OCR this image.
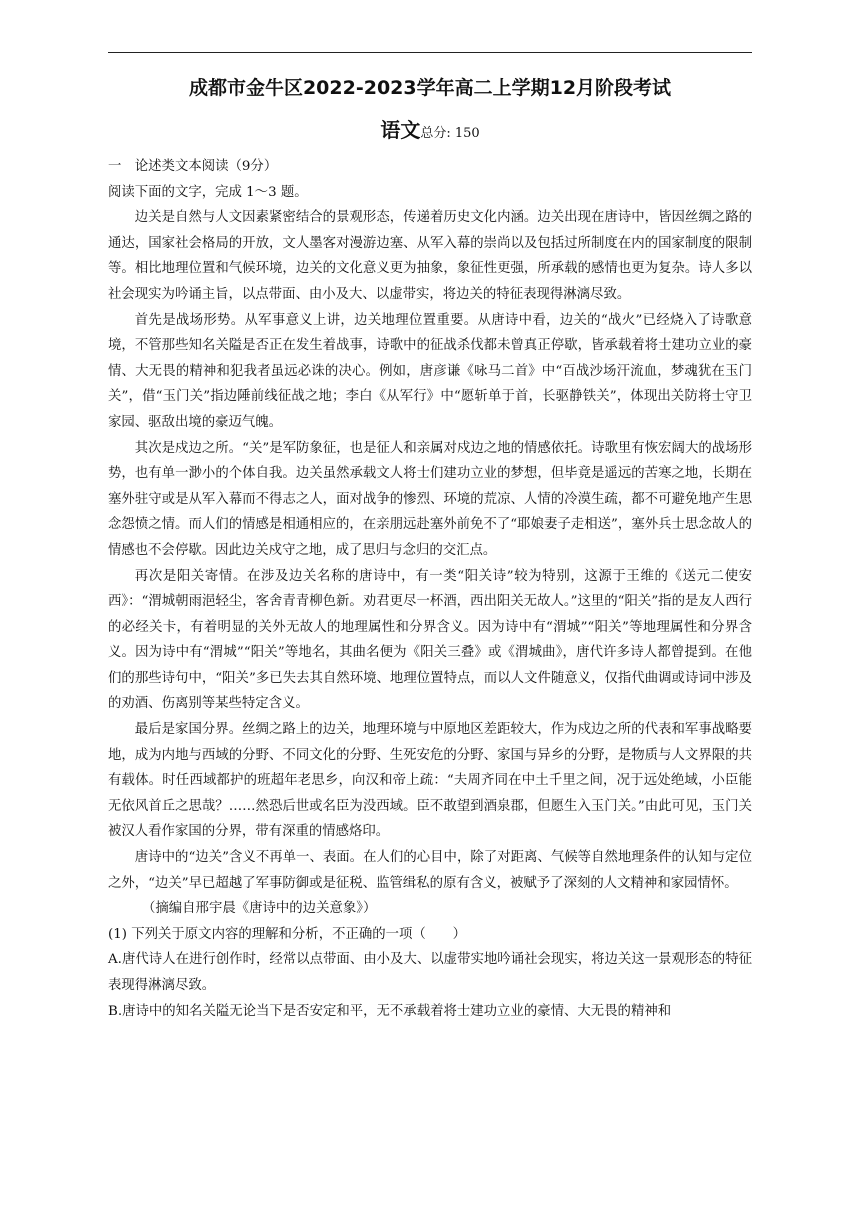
成都市金牛区2022-2023学年高二上学期12月阶段考试

语文总分: 150

一　论述类文本阅读（9分）

阅读下面的文字，完成 1～3 题。

边关是自然与人文因素紧密结合的景观形态，传递着历史文化内涵。边关出现在唐诗中，皆因丝绸之路的通达，国家社会格局的开放，文人墨客对漫游边塞、从军入幕的崇尚以及包括过所制度在内的国家制度的限制等。相比地理位置和气候环境，边关的文化意义更为抽象，象征性更强，所承载的感情也更为复杂。诗人多以社会现实为吟诵主旨，以点带面、由小及大、以虚带实，将边关的特征表现得淋漓尽致。

首先是战场形势。从军事意义上讲，边关地理位置重要。从唐诗中看，边关的“战火”已经烧入了诗歌意境，不管那些知名关隘是否正在发生着战事，诗歌中的征战杀伐都未曾真正停歇，皆承载着将士建功立业的豪情、大无畏的精神和犯我者虽远必诛的决心。例如，唐彦谦《咏马二首》中“百战沙场汗流血，梦魂犹在玉门关”，借“玉门关”指边陲前线征战之地；李白《从军行》中“愿斩单于首，长驱静铁关”，体现出关防将士守卫家园、驱敌出境的豪迈气魄。

其次是戍边之所。“关”是军防象征，也是征人和亲属对戍边之地的情感依托。诗歌里有恢宏阔大的战场形势，也有单一渺小的个体自我。边关虽然承载文人将士们建功立业的梦想，但毕竟是遥远的苦寒之地，长期在塞外驻守或是从军入幕而不得志之人，面对战争的惨烈、环境的荒凉、人情的冷漠生疏，都不可避免地产生思念怨愤之情。而人们的情感是相通相应的，在亲朋远赴塞外前免不了“耶娘妻子走相送”，塞外兵士思念故人的情感也不会停歇。因此边关戍守之地，成了思归与念归的交汇点。

再次是阳关寄情。在涉及边关名称的唐诗中，有一类“阳关诗”较为特别，这源于王维的《送元二使安西》：“渭城朝雨浥轻尘，客舍青青柳色新。劝君更尽一杯酒，西出阳关无故人。”这里的“阳关”指的是友人西行的必经关卡，有着明显的关外无故人的地理属性和分界含义。因为诗中有“渭城”“阳关”等地理属性和分界含义。因为诗中有“渭城”“阳关”等地名，其曲名便为《阳关三叠》或《渭城曲》，唐代许多诗人都曾提到。在他们的那些诗句中，“阳关”多已失去其自然环境、地理位置特点，而以人文件随意义，仅指代曲调或诗词中涉及的劝酒、伤离别等某些特定含义。

最后是家国分界。丝绸之路上的边关，地理环境与中原地区差距较大，作为戍边之所的代表和军事战略要地，成为内地与西域的分野、不同文化的分野、生死安危的分野、家国与异乡的分野，是物质与人文界限的共有载体。时任西域都护的班超年老思乡，向汉和帝上疏：“夫周齐同在中土千里之间，况于远处绝域，小臣能无依风首丘之思哉？……然恐后世或名臣为没西域。臣不敢望到酒泉郡，但愿生入玉门关。”由此可见，玉门关被汉人看作家国的分界，带有深重的情感烙印。

唐诗中的“边关”含义不再单一、表面。在人们的心目中，除了对距离、气候等自然地理条件的认知与定位之外，“边关”早已超越了军事防御或是征税、监管缉私的原有含义，被赋予了深刻的人文精神和家园情怀。

（摘编自邢宇晨《唐诗中的边关意象》）

(1) 下列关于原文内容的理解和分析，不正确的一项（　　）

A.唐代诗人在进行创作时，经常以点带面、由小及大、以虚带实地吟诵社会现实，将边关这一景观形态的特征表现得淋漓尽致。

B.唐诗中的知名关隘无论当下是否安定和平，无不承载着将士建功立业的豪情、大无畏的精神和
